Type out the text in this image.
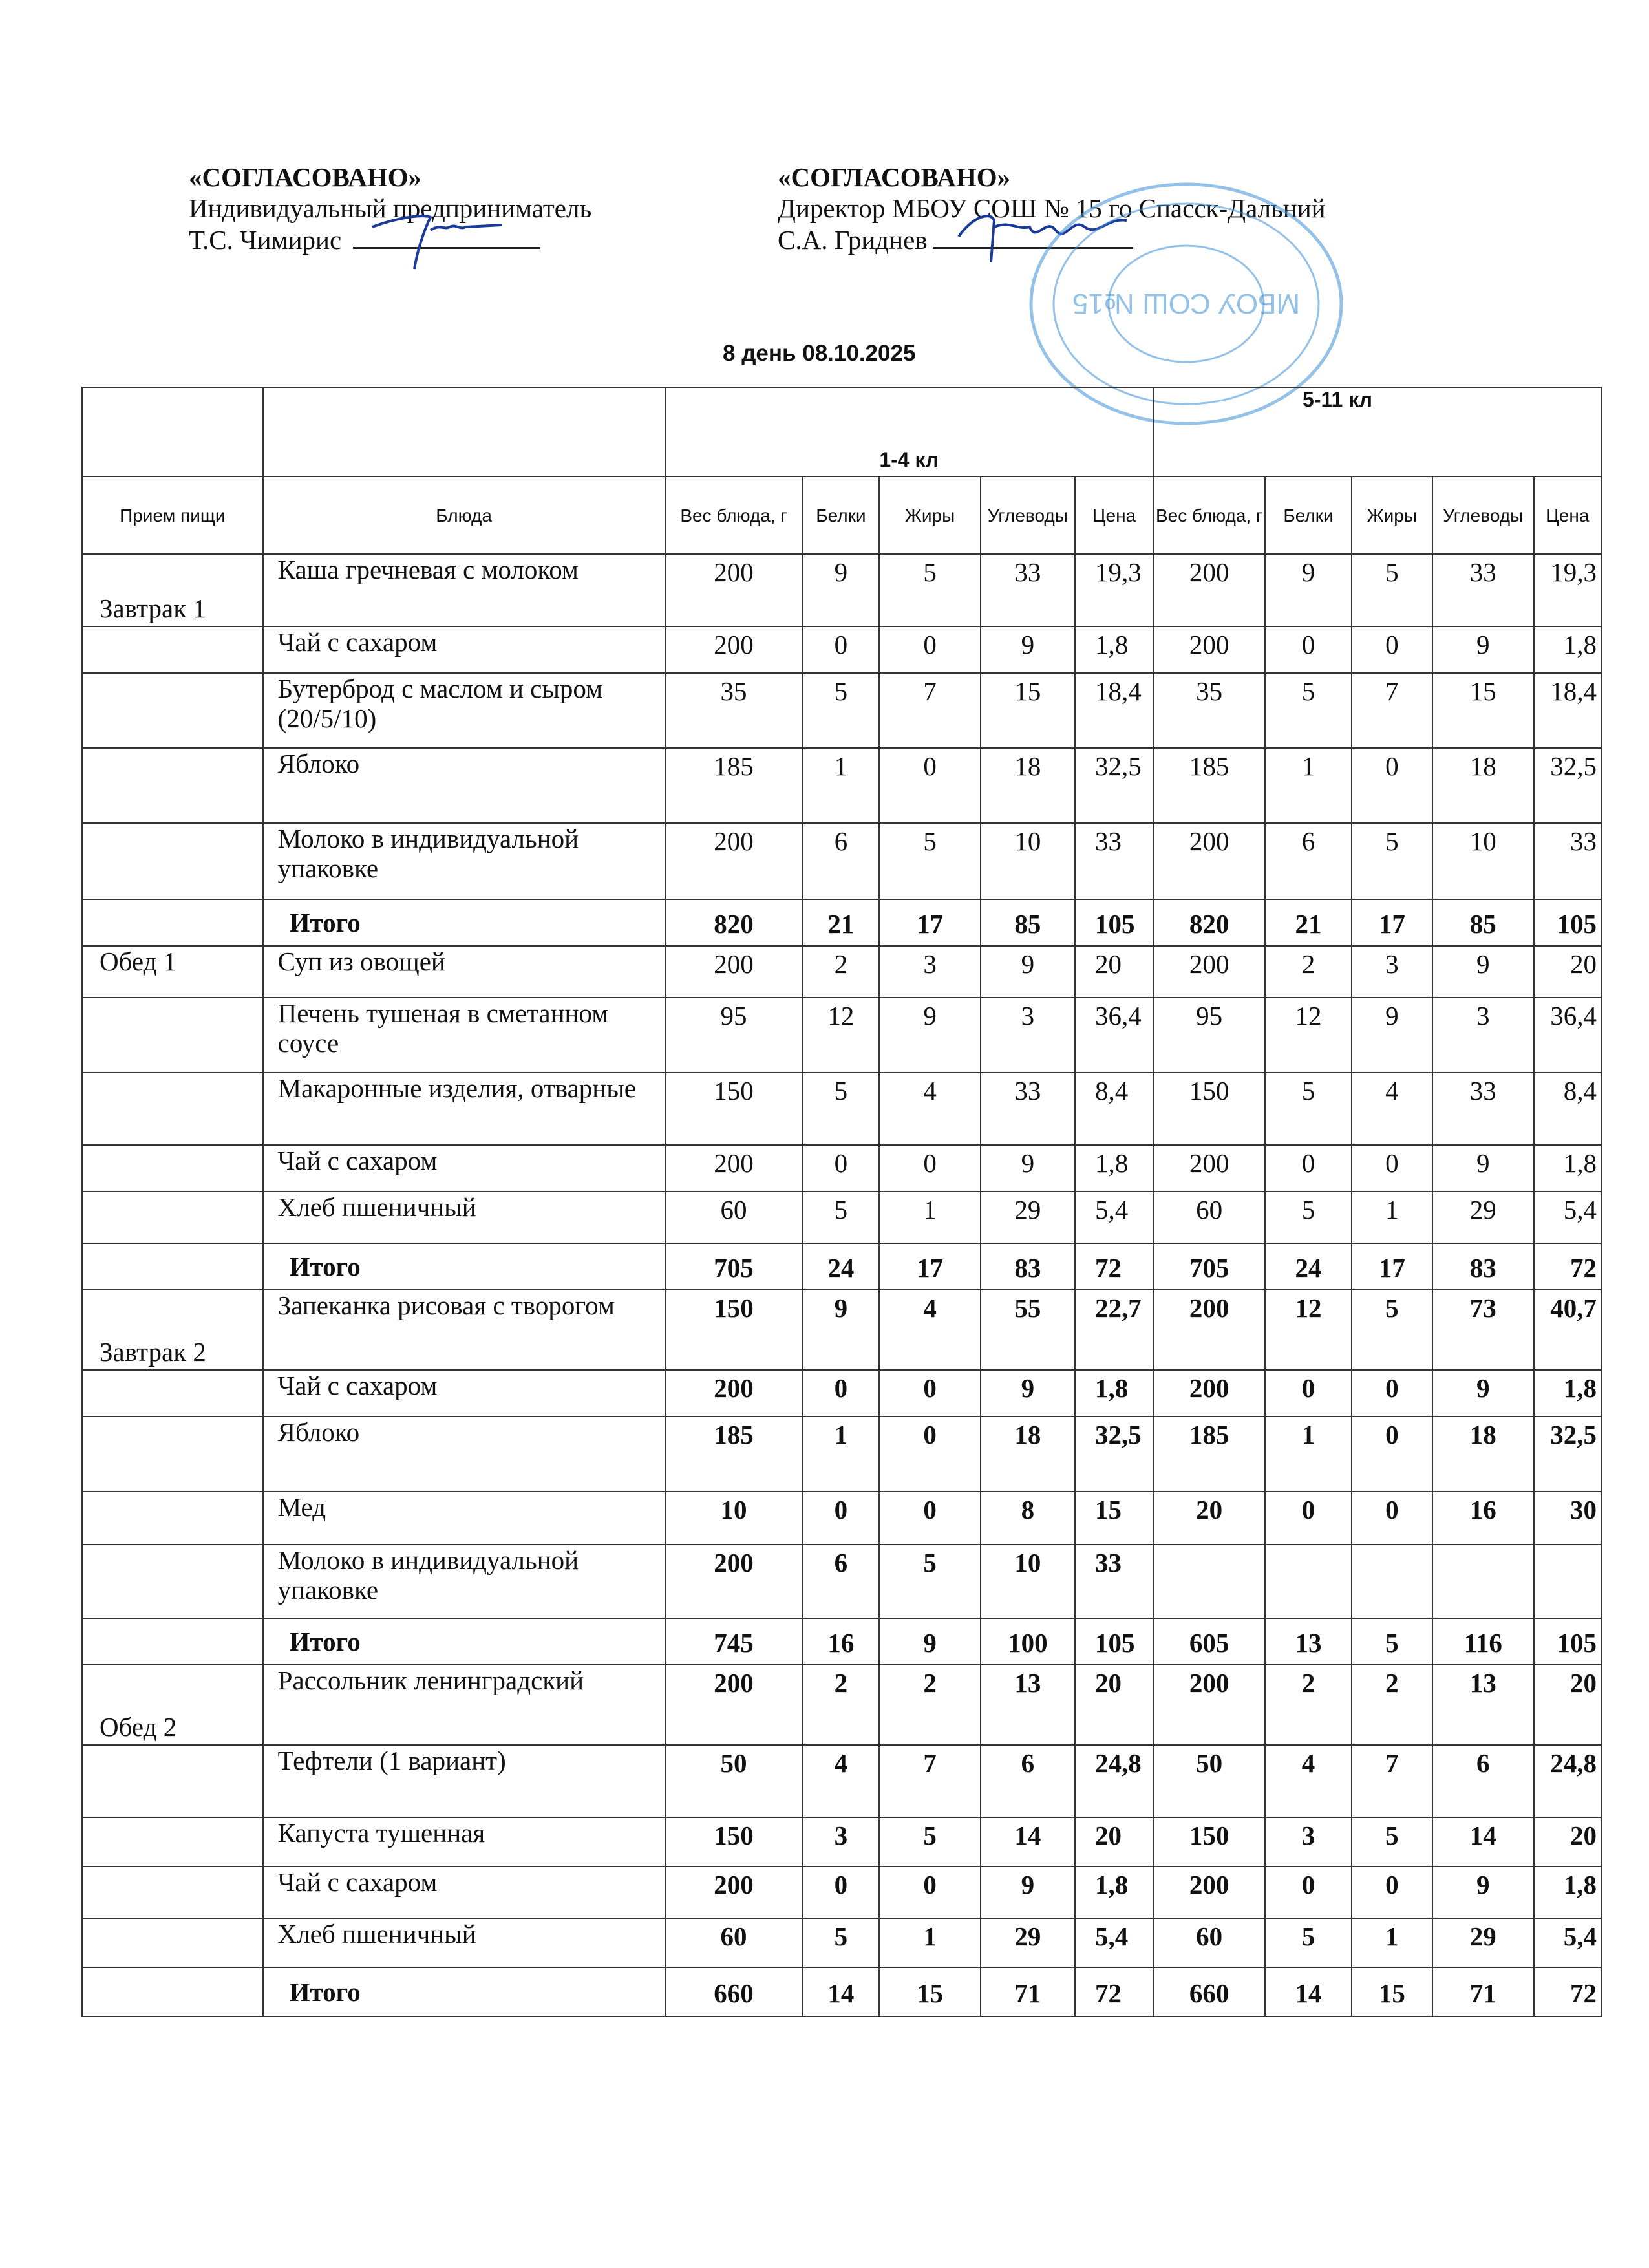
«СОГЛАСОВАНО»
Индивидуальный предприниматель
Т.С. Чимирис
«СОГЛАСОВАНО»
Директор МБОУ СОШ № 15 го Спасск-Дальний
С.А. Гриднев
МБОУ СОШ №15
8 день 08.10.2025
		1-4 кл					5-11 кл				
Прием пищи	Блюда	Вес блюда, г	Белки	Жиры	Углеводы	Цена	Вес блюда, г	Белки	Жиры	Углеводы	Цена
Завтрак 1	Каша гречневая с молоком	200	9	5	33	19,3	200	9	5	33	19,3
	Чай с сахаром	200	0	0	9	1,8	200	0	0	9	1,8
	Бутерброд с маслом и сыром (20/5/10)	35	5	7	15	18,4	35	5	7	15	18,4
	Яблоко	185	1	0	18	32,5	185	1	0	18	32,5
	Молоко в индивидуальной упаковке	200	6	5	10	33	200	6	5	10	33
	Итого	820	21	17	85	105	820	21	17	85	105
Обед 1	Суп из овощей	200	2	3	9	20	200	2	3	9	20
	Печень тушеная в сметанном соусе	95	12	9	3	36,4	95	12	9	3	36,4
	Макаронные изделия, отварные	150	5	4	33	8,4	150	5	4	33	8,4
	Чай с сахаром	200	0	0	9	1,8	200	0	0	9	1,8
	Хлеб пшеничный	60	5	1	29	5,4	60	5	1	29	5,4
	Итого	705	24	17	83	72	705	24	17	83	72
Завтрак 2	Запеканка рисовая с творогом	150	9	4	55	22,7	200	12	5	73	40,7
	Чай с сахаром	200	0	0	9	1,8	200	0	0	9	1,8
	Яблоко	185	1	0	18	32,5	185	1	0	18	32,5
	Мед	10	0	0	8	15	20	0	0	16	30
	Молоко в индивидуальной упаковке	200	6	5	10	33					
	Итого	745	16	9	100	105	605	13	5	116	105
Обед 2	Рассольник ленинградский	200	2	2	13	20	200	2	2	13	20
	Тефтели (1 вариант)	50	4	7	6	24,8	50	4	7	6	24,8
	Капуста тушенная	150	3	5	14	20	150	3	5	14	20
	Чай с сахаром	200	0	0	9	1,8	200	0	0	9	1,8
	Хлеб пшеничный	60	5	1	29	5,4	60	5	1	29	5,4
	Итого	660	14	15	71	72	660	14	15	71	72
